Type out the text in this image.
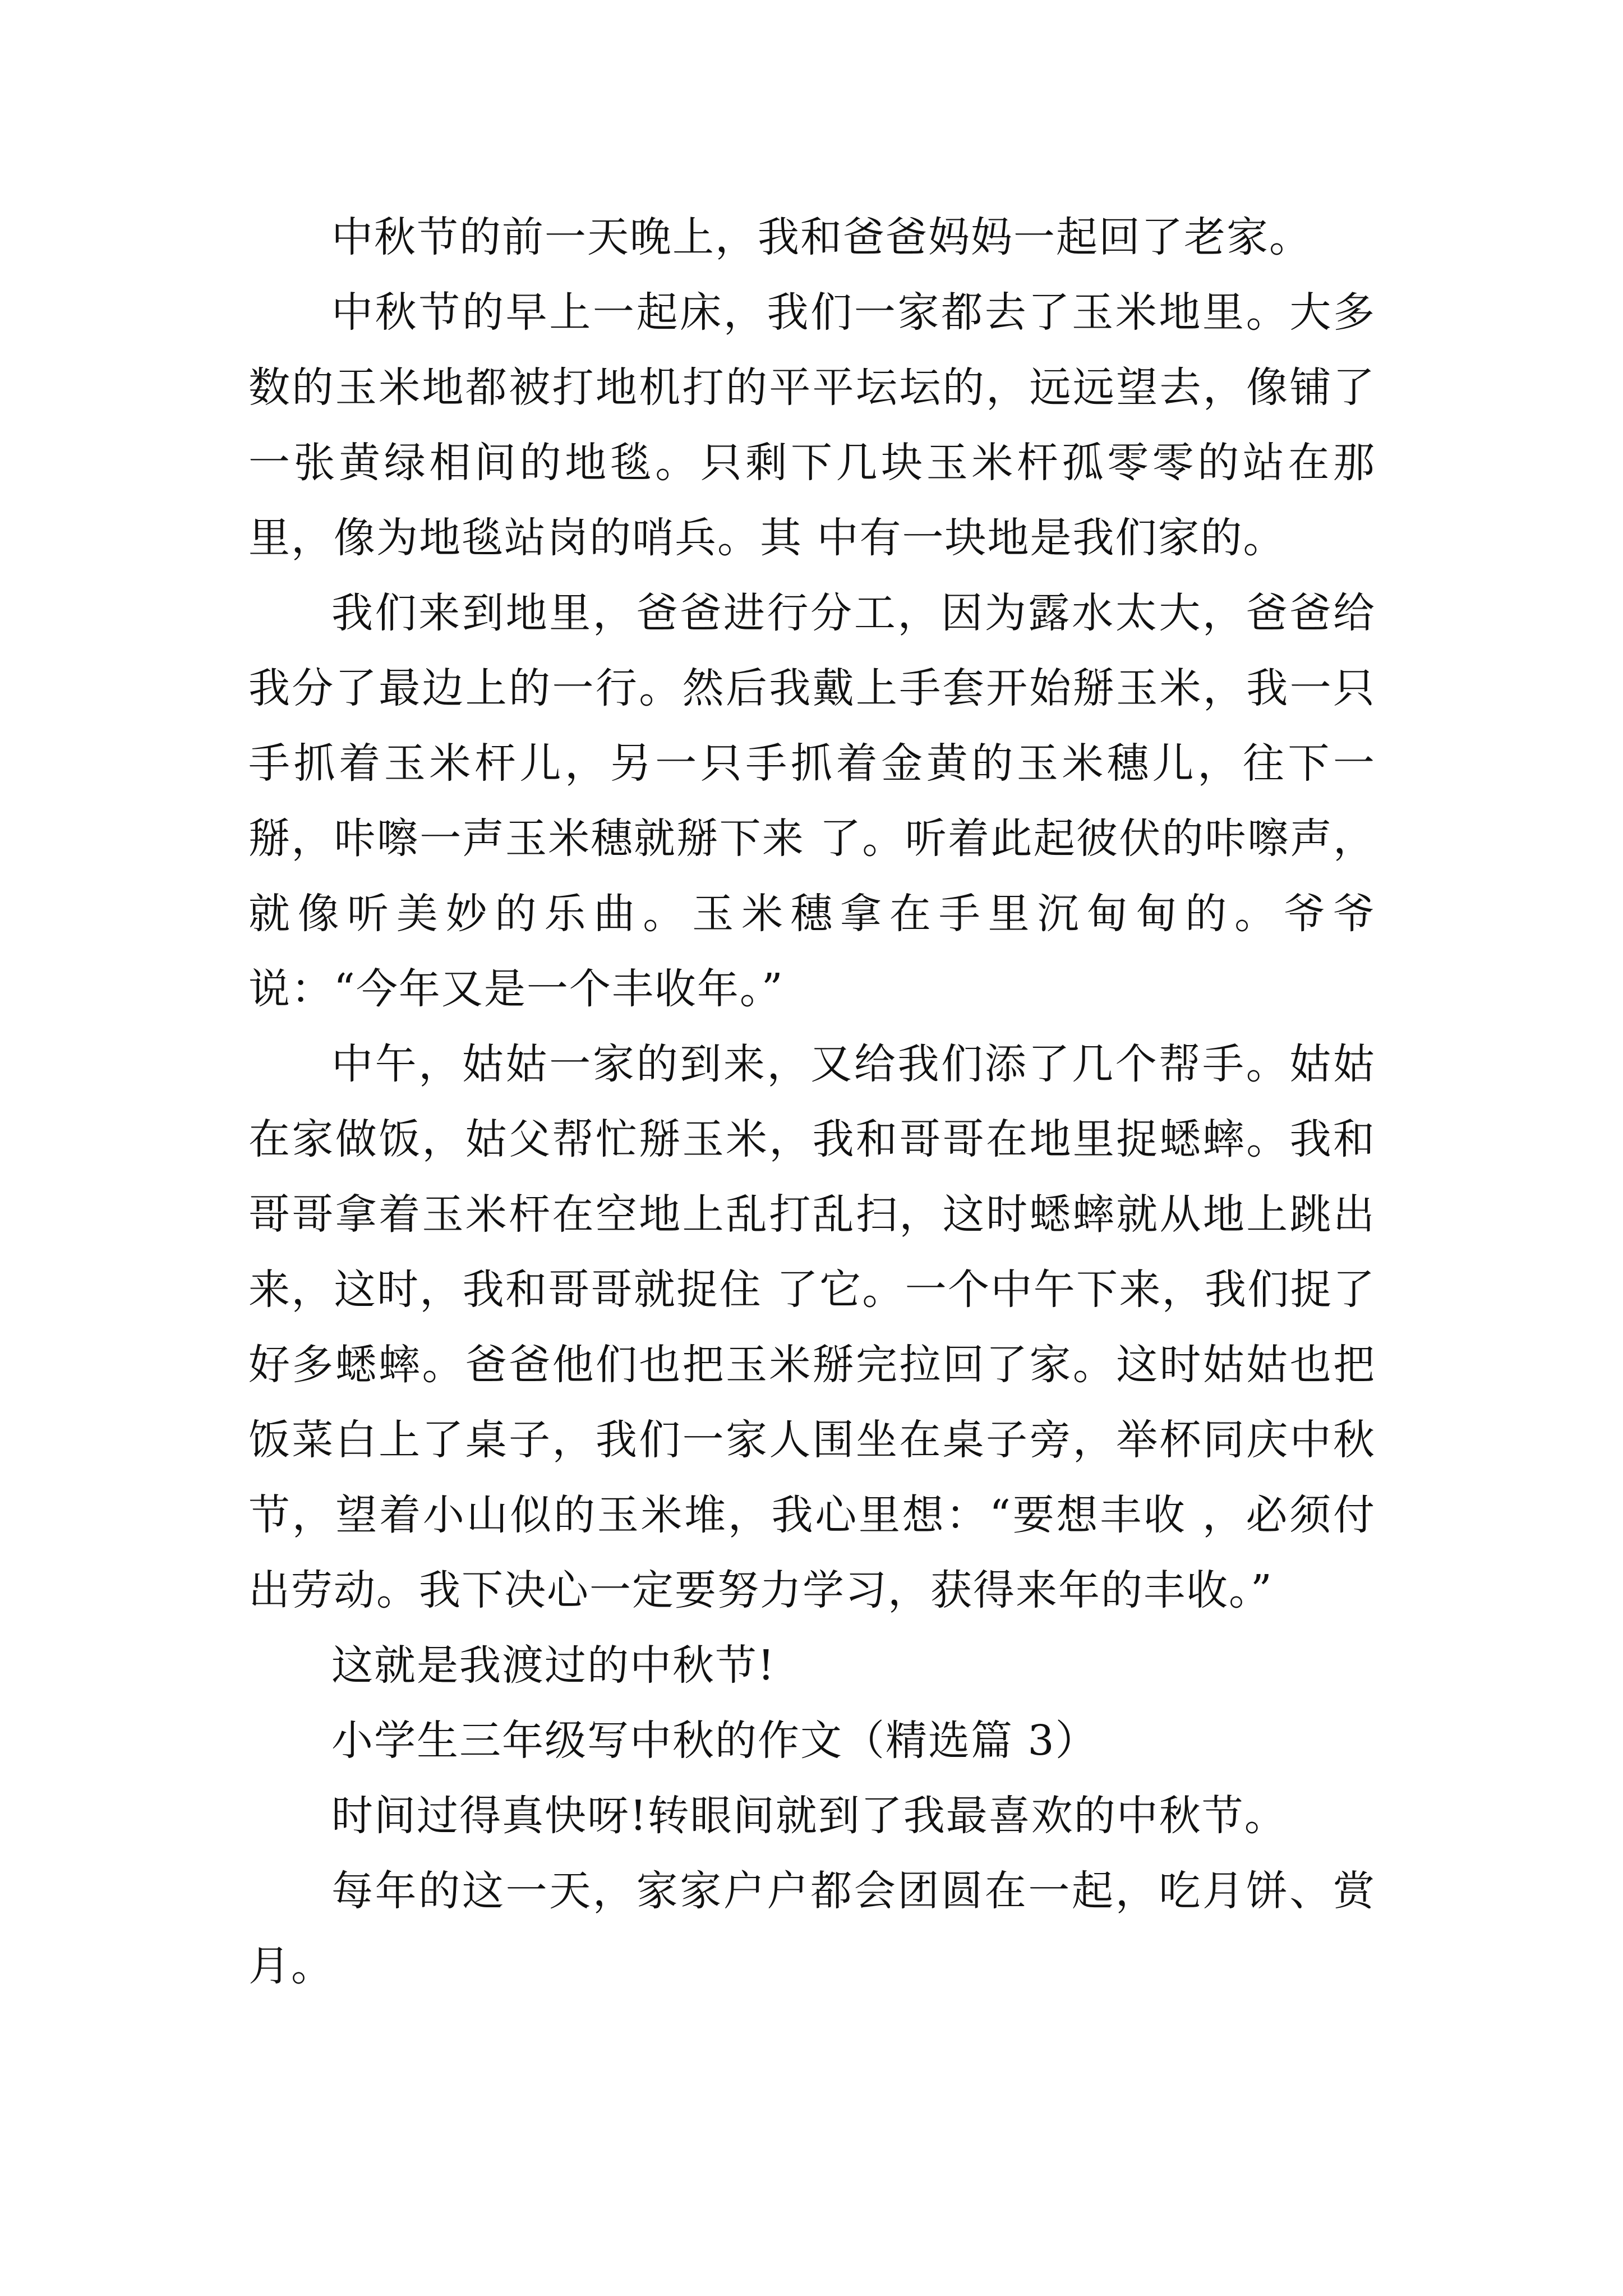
中秋节的前一天晚上，我和爸爸妈妈一起回了老家。

中秋节的早上一起床，我们一家都去了玉米地里。大多数的玉米地都被打地机打的平平坛坛的，远远望去，像铺了一张黄绿相间的地毯。只剩下几块玉米杆孤零零的站在那里，像为地毯站岗的哨兵。其 中有一块地是我们家的。

我们来到地里，爸爸进行分工，因为露水太大，爸爸给我分了最边上的一行。然后我戴上手套开始掰玉米，我一只手抓着玉米杆儿，另一只手抓着金黄的玉米穗儿，往下一掰，咔嚓一声玉米穗就掰下来 了。听着此起彼伏的咔嚓声，就像听美妙的乐曲。玉米穗拿在手里沉甸甸的。爷爷说：“今年又是一个丰收年。”

中午，姑姑一家的到来，又给我们添了几个帮手。姑姑在家做饭，姑父帮忙掰玉米，我和哥哥在地里捉蟋蟀。我和哥哥拿着玉米杆在空地上乱打乱扫，这时蟋蟀就从地上跳出来，这时，我和哥哥就捉住 了它。一个中午下来，我们捉了好多蟋蟀。爸爸他们也把玉米掰完拉回了家。这时姑姑也把饭菜白上了桌子，我们一家人围坐在桌子旁，举杯同庆中秋节，望着小山似的玉米堆，我心里想：“要想丰收 ，必须付出劳动。我下决心一定要努力学习，获得来年的丰收。”

这就是我渡过的中秋节!

小学生三年级写中秋的作文（精选篇 3）

时间过得真快呀!转眼间就到了我最喜欢的中秋节。

每年的这一天，家家户户都会团圆在一起，吃月饼、赏月。
